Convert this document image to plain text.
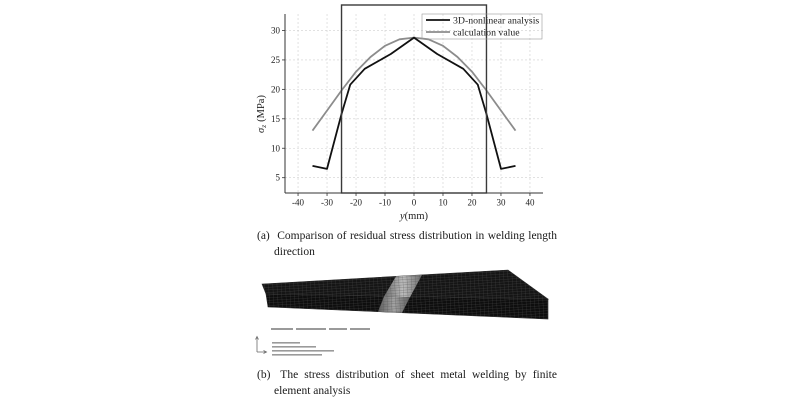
-40 -30 -20 -10 0 10 20 30 40
5
10
15
20
25
30
3D-nonlinear analysis
calculation value
σz(MPa)
y(mm)
(a) Comparison of residual stress distribution in welding length direction
(b) The stress distribution of sheet metal welding by finite element analysis
